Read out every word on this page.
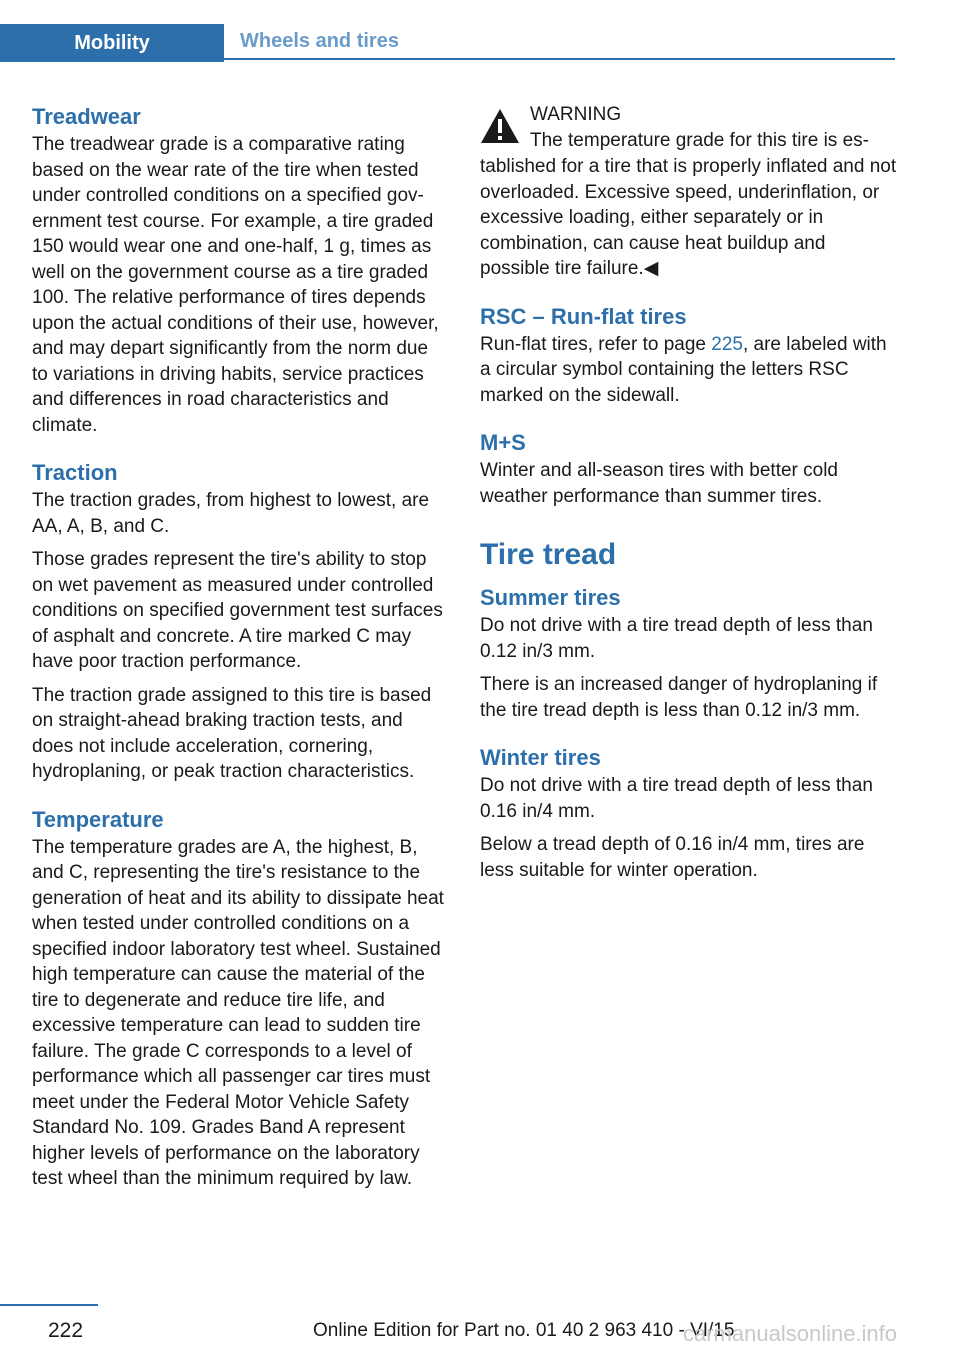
Mobility	Wheels and tires
Treadwear

The treadwear grade is a comparative rating based on the wear rate of the tire when tested under controlled conditions on a specified government test course. For example, a tire graded 150 would wear one and one-half, 1 g, times as well on the government course as a tire graded 100. The relative performance of tires depends upon the actual conditions of their use, however, and may depart significantly from the norm due to variations in driving habits, service practices and differences in road characteristics and climate.

Traction

The traction grades, from highest to lowest, are AA, A, B, and C.

Those grades represent the tire's ability to stop on wet pavement as measured under controlled conditions on specified government test surfaces of asphalt and concrete. A tire marked C may have poor traction performance.

The traction grade assigned to this tire is based on straight-ahead braking traction tests, and does not include acceleration, cornering, hydroplaning, or peak traction characteristics.

Temperature

The temperature grades are A, the highest, B, and C, representing the tire's resistance to the generation of heat and its ability to dissipate heat when tested under controlled conditions on a specified indoor laboratory test wheel. Sustained high temperature can cause the material of the tire to degenerate and reduce tire life, and excessive temperature can lead to sudden tire failure. The grade C corresponds to a level of performance which all passenger car tires must meet under the Federal Motor Vehicle Safety Standard No. 109. Grades Band A represent higher levels of performance on the laboratory test wheel than the minimum required by law.

WARNING
The temperature grade for this tire is es-
tablished for a tire that is properly inflated and not overloaded. Excessive speed, underinflation, or excessive loading, either separately or in combination, can cause heat buildup and possible tire failure.◀
RSC – Run-flat tires

Run-flat tires, refer to page 225, are labeled with a circular symbol containing the letters RSC marked on the sidewall.

M+S

Winter and all-season tires with better cold weather performance than summer tires.

Tire tread
Summer tires

Do not drive with a tire tread depth of less than 0.12 in/3 mm.

There is an increased danger of hydroplaning if the tire tread depth is less than 0.12 in/3 mm.

Winter tires

Do not drive with a tire tread depth of less than 0.16 in/4 mm.

Below a tread depth of 0.16 in/4 mm, tires are less suitable for winter operation.

222	Online Edition for Part no. 01 40 2 963 410 - VI/15
carmanualsonline.info
